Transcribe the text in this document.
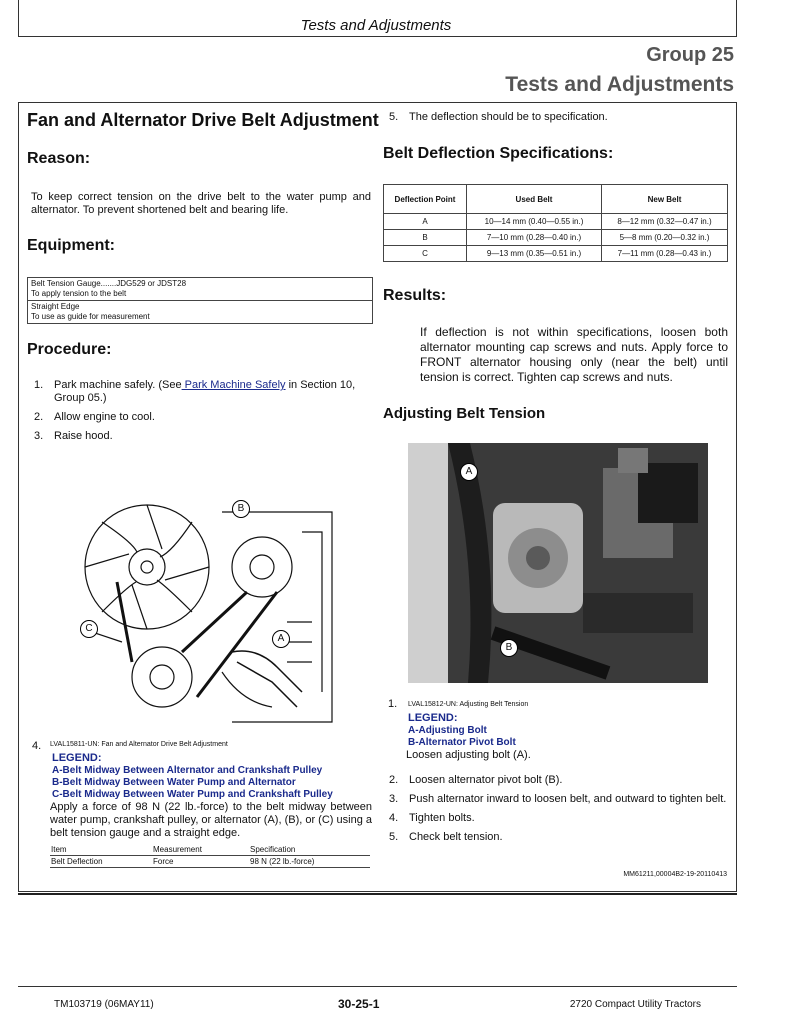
Tests and Adjustments
Group 25
Tests and Adjustments
Fan and Alternator Drive Belt Adjustment
Reason:
To keep correct tension on the drive belt to the water pump and alternator. To prevent shortened belt and bearing life.
Equipment:
Belt Tension Gauge.......JDG529 or JDST28
To apply tension to the belt
Straight Edge
To use as guide for measurement
Procedure:
1. Park machine safely. (See Park Machine Safely in Section 10, Group 05.)
2. Allow engine to cool.
3. Raise hood.
B
C
A
4. LVAL15811-UN: Fan and Alternator Drive Belt Adjustment
LEGEND:
A-Belt Midway Between Alternator and Crankshaft Pulley
B-Belt Midway Between Water Pump and Alternator
C-Belt Midway Between Water Pump and Crankshaft Pulley
Apply a force of 98 N (22 lb.-force) to the belt midway between water pump, crankshaft pulley, or alternator (A), (B), or (C) using a belt tension gauge and a straight edge.
Item	Measurement	Specification
Belt Deflection	Force	98 N (22 lb.-force)
5. The deflection should be to specification.
Belt Deflection Specifications:
Deflection Point	Used Belt	New Belt
A	10—14 mm (0.40—0.55 in.)	8—12 mm (0.32—0.47 in.)
B	7—10 mm (0.28—0.40 in.)	5—8 mm (0.20—0.32 in.)
C	9—13 mm (0.35—0.51 in.)	7—11 mm (0.28—0.43 in.)
Results:
If deflection is not within specifications, loosen both alternator mounting cap screws and nuts. Apply force to FRONT alternator housing only (near the belt) until tension is correct. Tighten cap screws and nuts.
Adjusting Belt Tension
A
B
1. LVAL15812-UN: Adjusting Belt Tension
LEGEND:
A-Adjusting Bolt
B-Alternator Pivot Bolt
Loosen adjusting bolt (A).
2. Loosen alternator pivot bolt (B).
3. Push alternator inward to loosen belt, and outward to tighten belt.
4. Tighten bolts.
5. Check belt tension.
MM61211,00004B2-19-20110413
TM103719 (06MAY11)	30-25-1	2720 Compact Utility Tractors
